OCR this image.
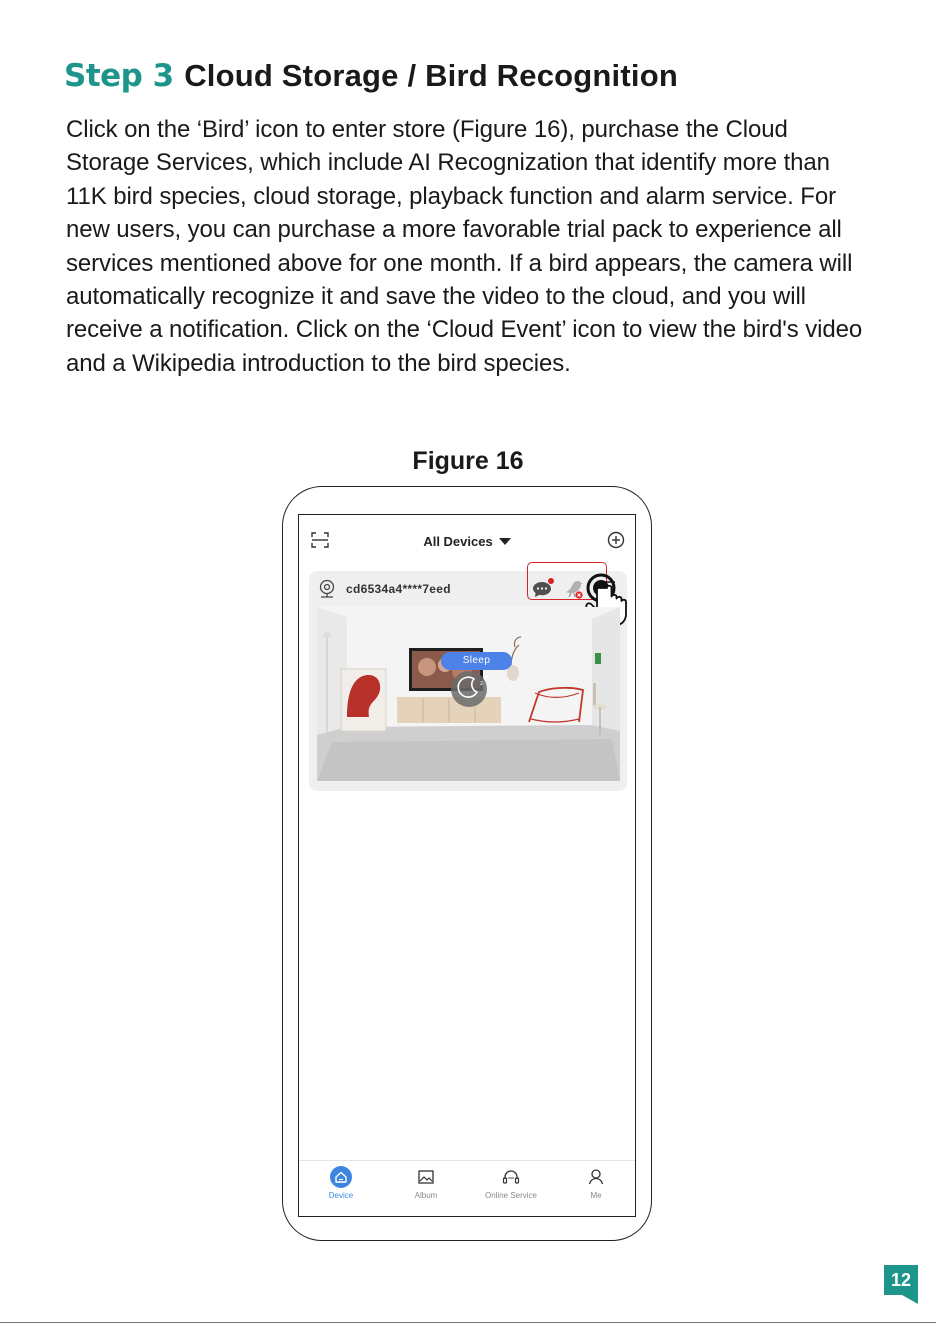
Step 3 Cloud Storage / Bird Recognition

Click on the ‘Bird’ icon to enter store (Figure 16), purchase the Cloud Storage Services, which include AI Recognization that identify more than 11K bird species, cloud storage, playback function and alarm service. For new users, you can purchase a more favorable trial pack to experience all services mentioned above for one month. If a bird appears, the camera will automatically recognize it and save the video to the cloud, and you will receive a notification. Click on the ‘Cloud Event’ icon to view the bird's video and a Wikipedia introduction to the bird species.

Figure 16
All Devices
cd6534a4****7eed
z
z
Sleep
Device	Album	Online Service	Me
12
